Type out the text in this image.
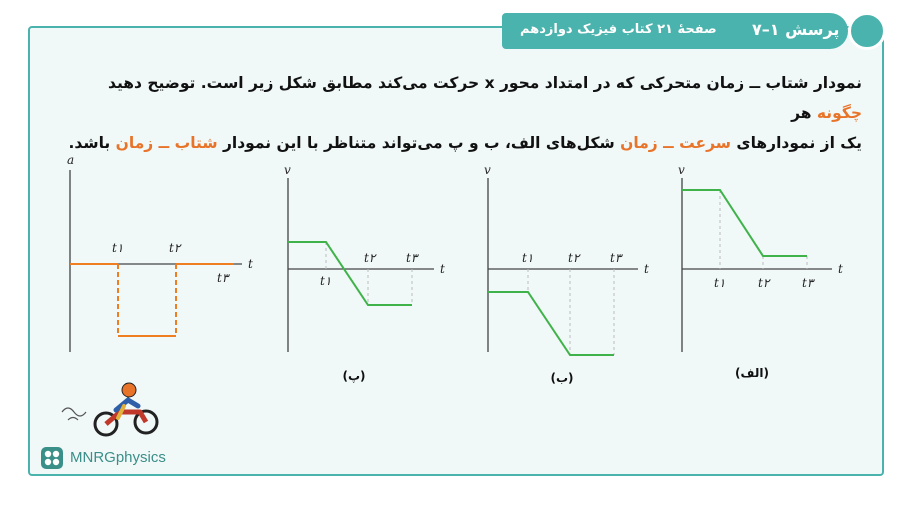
پرسش ۱–۷
صفحهٔ ۲۱ کتاب فیزیک دوازدهم
نمودار شتاب ــ زمان متحرکی که در امتداد محور x حرکت می‌کند مطابق شکل زیر است. توضیح دهید چگونه هر
یک از نمودارهای سرعت ــ زمان شکل‌های الف، ب و پ می‌تواند متناظر با این نمودار شتاب ــ زمان باشد.
a
t
t۱	t۲
t۳
v
t
t۱
t۲	t۳
(پ)
v
t
t۱	t۲	t۳
(ب)
v
t
t۱	t۲	t۳
(الف)
MNRGphysics
